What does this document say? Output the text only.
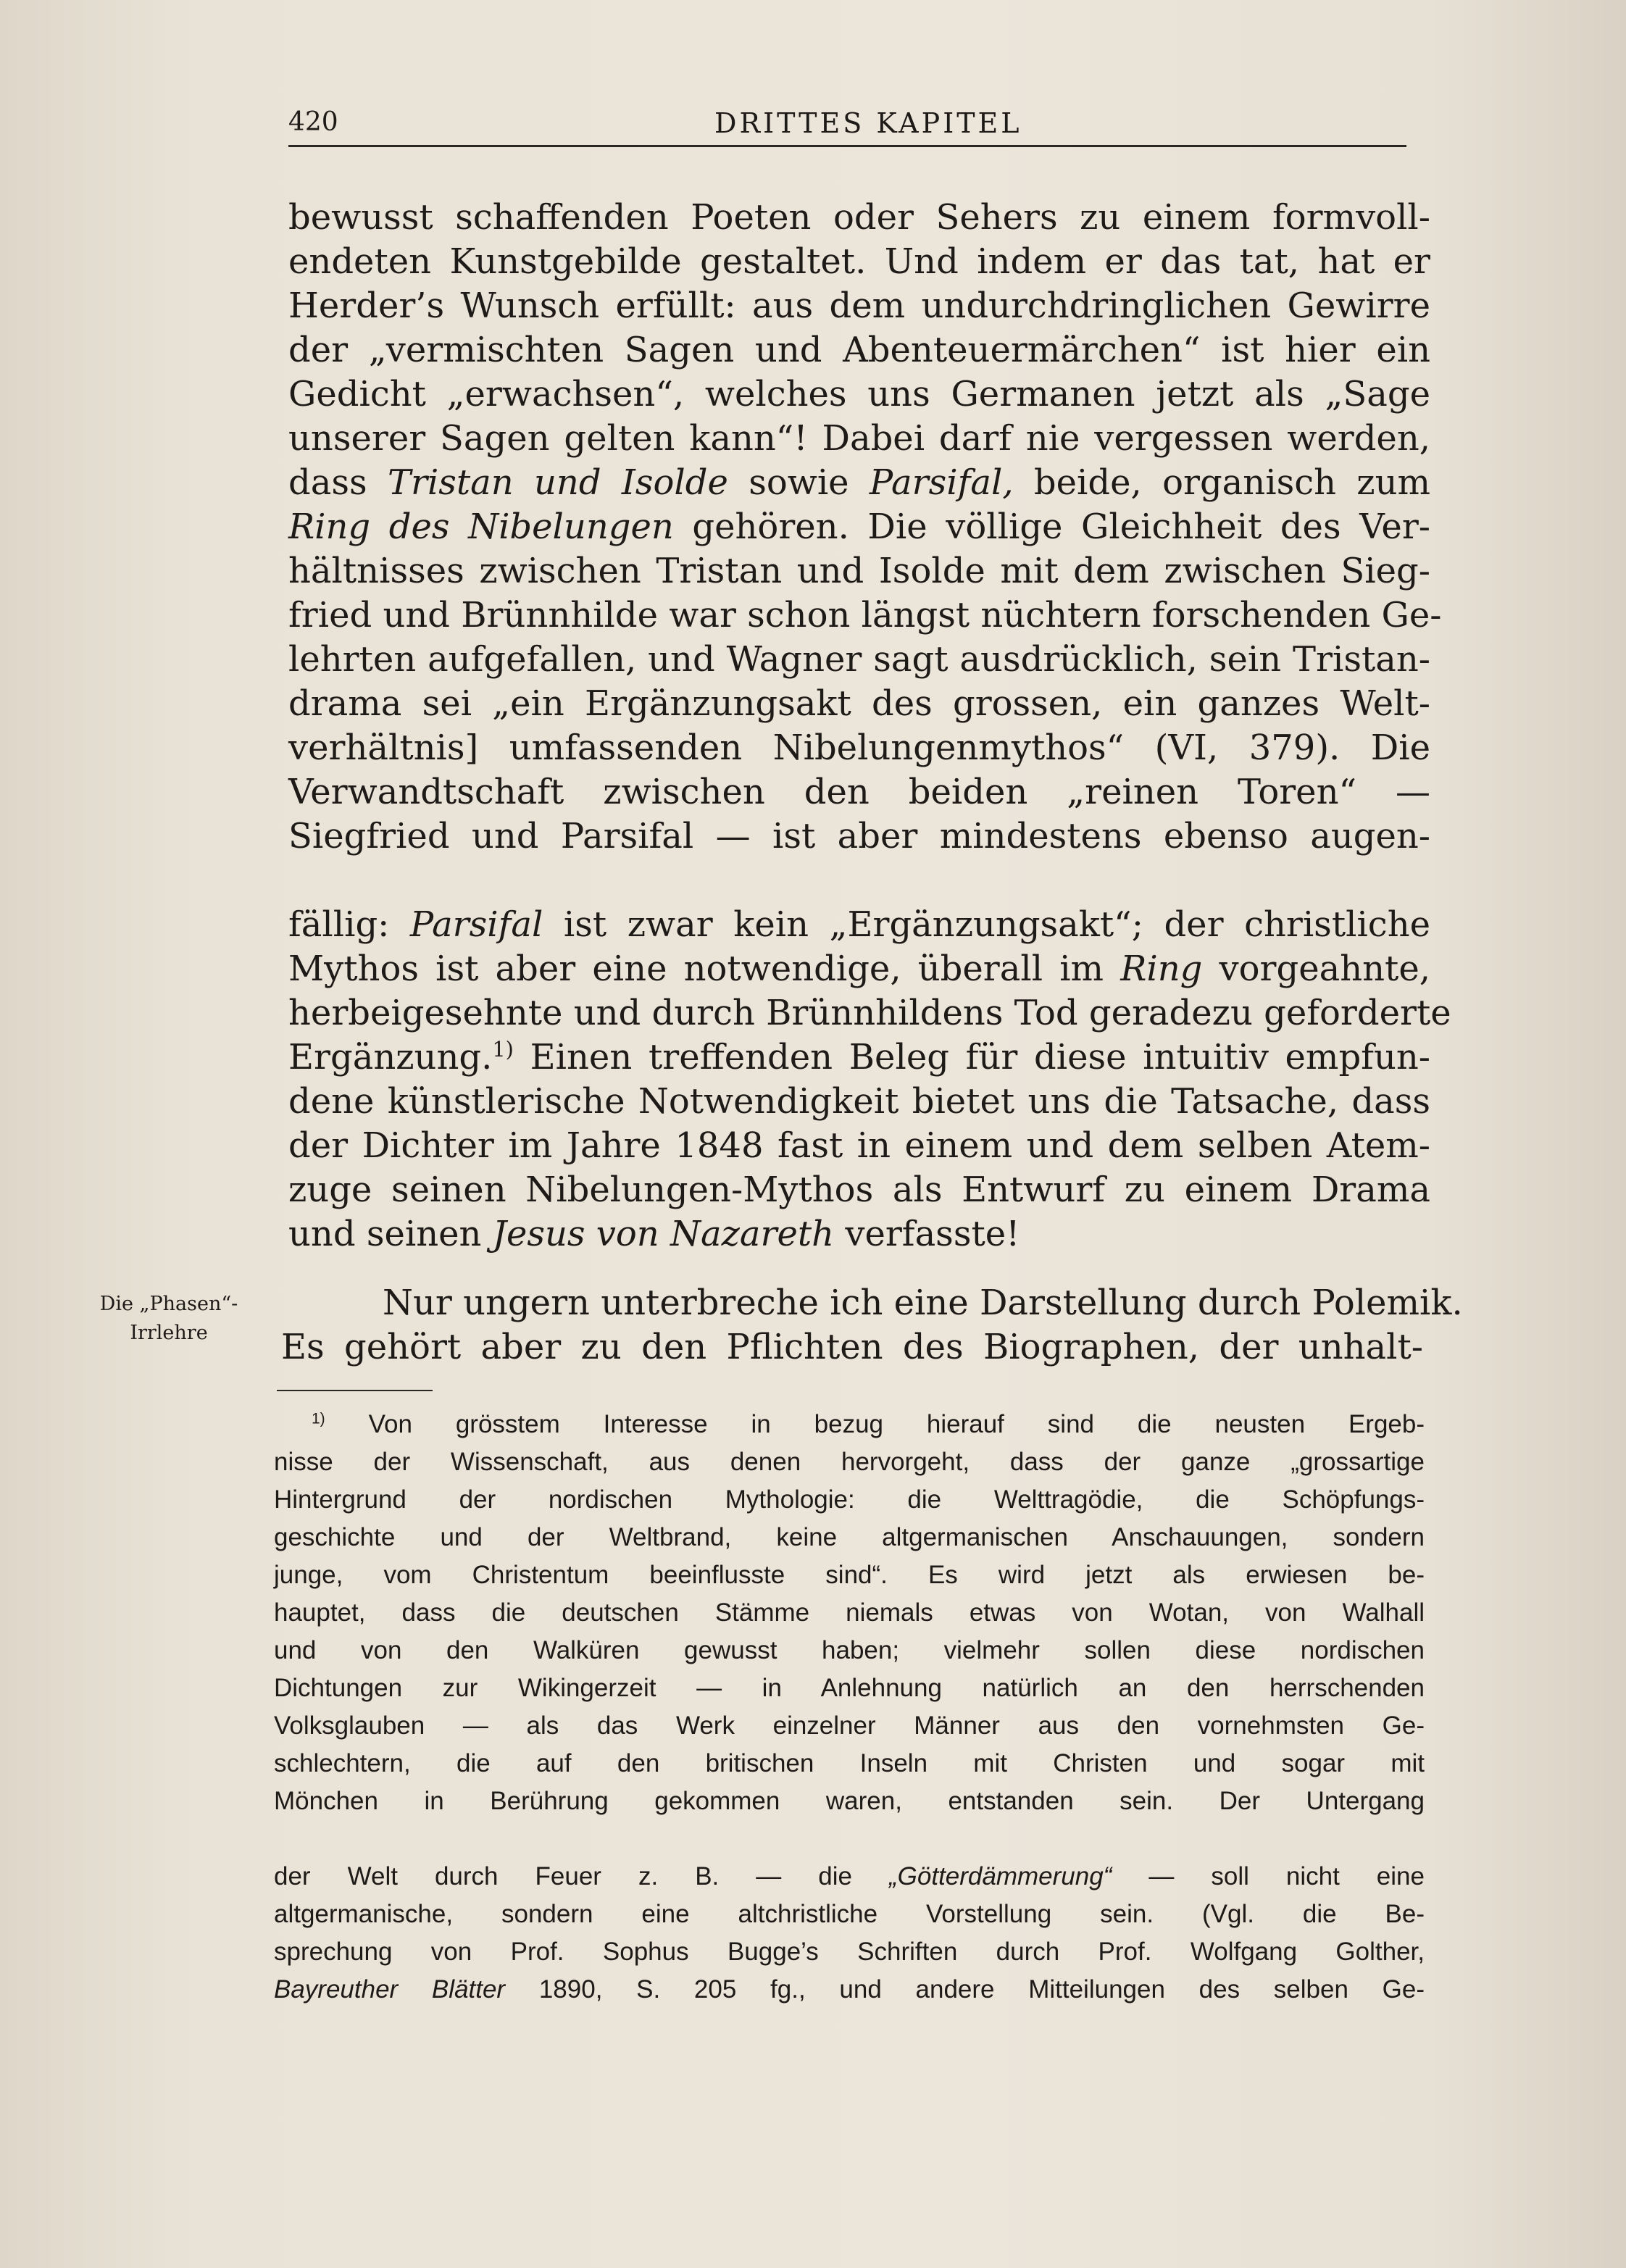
420	DRITTES KAPITEL
bewusst schaffenden Poeten oder Sehers zu einem formvoll-
endeten Kunstgebilde gestaltet. Und indem er das tat, hat er
Herder’s Wunsch erfüllt: aus dem undurchdringlichen Gewirre
der „vermischten Sagen und Abenteuermärchen“ ist hier ein
Gedicht „erwachsen“, welches uns Germanen jetzt als „Sage
unserer Sagen gelten kann“! Dabei darf nie vergessen werden,
dass Tristan und Isolde sowie Parsifal, beide, organisch zum
Ring des Nibelungen gehören. Die völlige Gleichheit des Ver-
hältnisses zwischen Tristan und Isolde mit dem zwischen Sieg-
fried und Brünnhilde war schon längst nüchtern forschenden Ge-
lehrten aufgefallen, und Wagner sagt ausdrücklich, sein Tristan-
drama sei „ein Ergänzungsakt des grossen, ein ganzes Welt-
verhältnis] umfassenden Nibelungenmythos“ (VI, 379). Die
Verwandtschaft zwischen den beiden „reinen Toren“ —
Siegfried und Parsifal — ist aber mindestens ebenso augen-
fällig: Parsifal ist zwar kein „Ergänzungsakt“; der christliche
Mythos ist aber eine notwendige, überall im Ring vorgeahnte,
herbeigesehnte und durch Brünnhildens Tod geradezu geforderte
Ergänzung.$^{1)}$ Einen treffenden Beleg für diese intuitiv empfun-
dene künstlerische Notwendigkeit bietet uns die Tatsache, dass
der Dichter im Jahre 1848 fast in einem und dem selben Atem-
zuge seinen Nibelungen-Mythos als Entwurf zu einem Drama
und seinen Jesus von Nazareth verfasste!
Die „Phasen“-
Irrlehre
Nur ungern unterbreche ich eine Darstellung durch Polemik.
Es gehört aber zu den Pflichten des Biographen, der unhalt-
$^{1)}$ Von grösstem Interesse in bezug hierauf sind die neusten Ergeb-
nisse der Wissenschaft, aus denen hervorgeht, dass der ganze „grossartige
Hintergrund der nordischen Mythologie: die Welttragödie, die Schöpfungs-
geschichte und der Weltbrand, keine altgermanischen Anschauungen, sondern
junge, vom Christentum beeinflusste sind“. Es wird jetzt als erwiesen be-
hauptet, dass die deutschen Stämme niemals etwas von Wotan, von Walhall
und von den Walküren gewusst haben; vielmehr sollen diese nordischen
Dichtungen zur Wikingerzeit — in Anlehnung natürlich an den herrschenden
Volksglauben — als das Werk einzelner Männer aus den vornehmsten Ge-
schlechtern, die auf den britischen Inseln mit Christen und sogar mit
Mönchen in Berührung gekommen waren, entstanden sein. Der Untergang
der Welt durch Feuer z. B. — die „Götterdämmerung“ — soll nicht eine
altgermanische, sondern eine altchristliche Vorstellung sein. (Vgl. die Be-
sprechung von Prof. Sophus Bugge’s Schriften durch Prof. Wolfgang Golther,
Bayreuther Blätter 1890, S. 205 fg., und andere Mitteilungen des selben Ge-
